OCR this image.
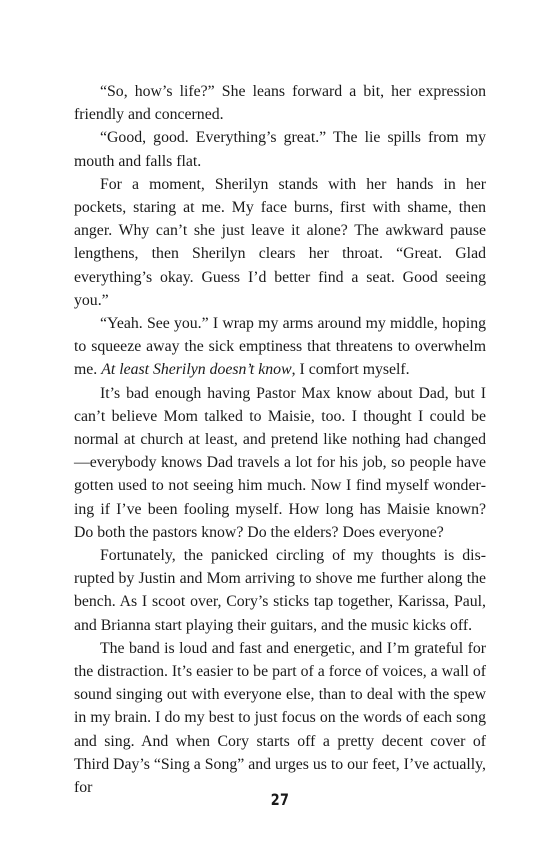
“So, how’s life?” She leans forward a bit, her expression friendly and concerned.

“Good, good. Everything’s great.” The lie spills from my mouth and falls flat.

For a moment, Sherilyn stands with her hands in her pockets, staring at me. My face burns, first with shame, then anger. Why can’t she just leave it alone? The awkward pause lengthens, then Sherilyn clears her throat. “Great. Glad everything’s okay. Guess I’d better find a seat. Good seeing you.”

“Yeah. See you.” I wrap my arms around my middle, hoping to squeeze away the sick emptiness that threatens to overwhelm me. At least Sherilyn doesn’t know, I comfort myself.

It’s bad enough having Pastor Max know about Dad, but I can’t believe Mom talked to Maisie, too. I thought I could be normal at church at least, and pretend like nothing had changed—everybody knows Dad travels a lot for his job, so people have gotten used to not seeing him much. Now I find myself wondering if I’ve been fooling myself. How long has Maisie known? Do both the pastors know? Do the elders? Does everyone?

Fortunately, the panicked circling of my thoughts is disrupted by Justin and Mom arriving to shove me further along the bench. As I scoot over, Cory’s sticks tap together, Karissa, Paul, and Brianna start playing their guitars, and the music kicks off.

The band is loud and fast and energetic, and I’m grateful for the distraction. It’s easier to be part of a force of voices, a wall of sound singing out with everyone else, than to deal with the spew in my brain. I do my best to just focus on the words of each song and sing. And when Cory starts off a pretty decent cover of Third Day’s “Sing a Song” and urges us to our feet, I’ve actually, for

27
